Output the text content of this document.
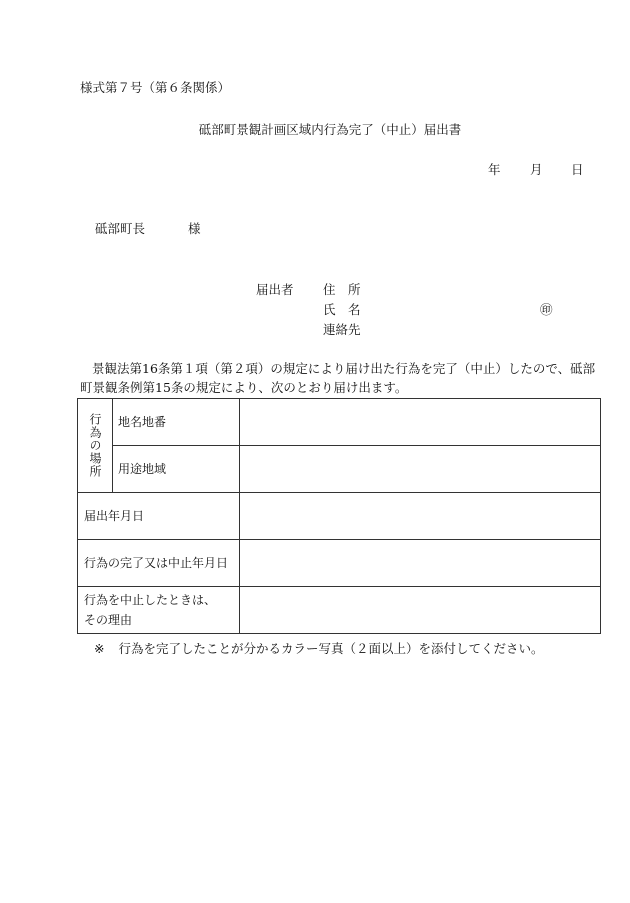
様式第７号（第６条関係）
砥部町景観計画区域内行為完了（中止）届出書
年 月 日
砥部町長	様
届出者 住　所
氏　名	㊞
連絡先
景観法第16条第１項（第２項）の規定により届け出た行為を完了（中止）したので、砥部町景観条例第15条の規定により、次のとおり届け出ます。
行為の場所	地名地番	
	用途地域	
届出年月日		
行為の完了又は中止年月日		

行為を中止したときは、
その理由		

※ 行為を完了したことが分かるカラー写真（２面以上）を添付してください。
